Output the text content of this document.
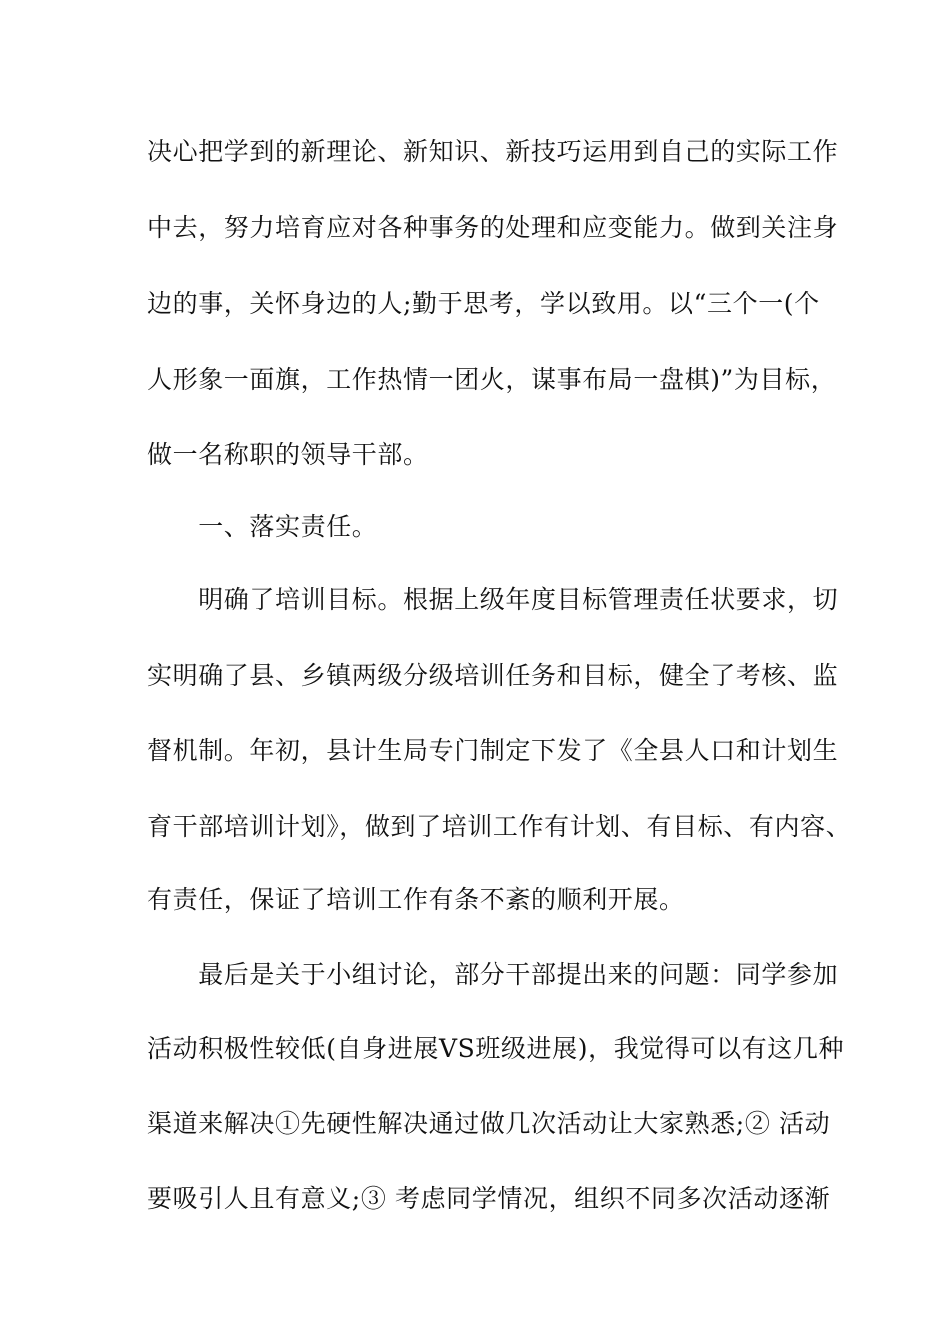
决心把学到的新理论、新知识、新技巧运用到自己的实际工作
中去，努力培育应对各种事务的处理和应变能力。做到关注身
边的事，关怀身边的人;勤于思考，学以致用。以“三个一(个
人形象一面旗，工作热情一团火，谋事布局一盘棋)”为目标，
做一名称职的领导干部。
　　一、落实责任。
　　明确了培训目标。根据上级年度目标管理责任状要求，切
实明确了县、乡镇两级分级培训任务和目标，健全了考核、监
督机制。年初，县计生局专门制定下发了《全县人口和计划生
育干部培训计划》，做到了培训工作有计划、有目标、有内容、
有责任，保证了培训工作有条不紊的顺利开展。
　　最后是关于小组讨论，部分干部提出来的问题：同学参加
活动积极性较低(自身进展VS班级进展)，我觉得可以有这几种
渠道来解决①先硬性解决通过做几次活动让大家熟悉;② 活动
要吸引人且有意义;③ 考虑同学情况，组织不同多次活动逐渐
